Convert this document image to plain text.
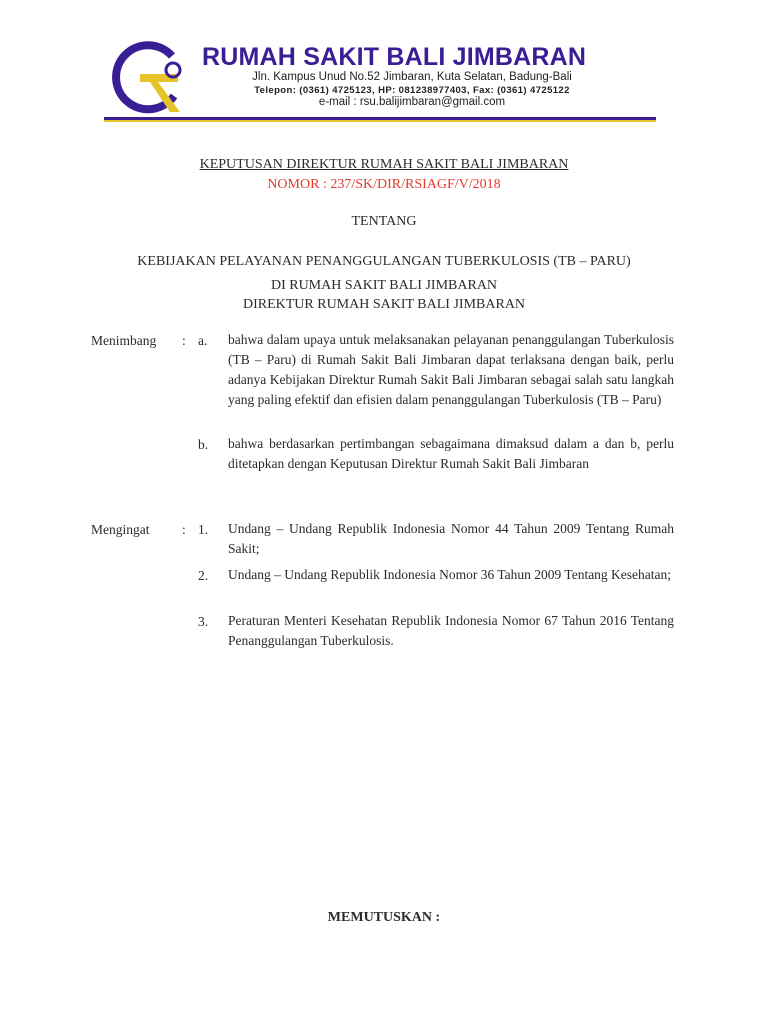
RUMAH SAKIT BALI JIMBARAN
Jln. Kampus Unud No.52 Jimbaran, Kuta Selatan, Badung-Bali
Telepon: (0361) 4725123, HP: 081238977403, Fax: (0361) 4725122
e-mail : rsu.balijimbaran@gmail.com
KEPUTUSAN DIREKTUR RUMAH SAKIT BALI JIMBARAN
NOMOR : 237/SK/DIR/RSIAGF/V/2018
TENTANG
KEBIJAKAN PELAYANAN PENANGGULANGAN TUBERKULOSIS (TB – PARU)
DI RUMAH SAKIT BALI JIMBARAN
DIREKTUR RUMAH SAKIT BALI JIMBARAN
Menimbang : a. bahwa dalam upaya untuk melaksanakan pelayanan penanggulangan Tuberkulosis (TB – Paru) di Rumah Sakit Bali Jimbaran dapat terlaksana dengan baik, perlu adanya Kebijakan Direktur Rumah Sakit Bali Jimbaran sebagai salah satu langkah yang paling efektif dan efisien dalam penanggulangan Tuberkulosis (TB – Paru)
b. bahwa berdasarkan pertimbangan sebagaimana dimaksud dalam a dan b, perlu ditetapkan dengan Keputusan Direktur Rumah Sakit Bali Jimbaran
Mengingat : 1. Undang – Undang Republik Indonesia Nomor 44 Tahun 2009 Tentang Rumah Sakit;
2. Undang – Undang Republik Indonesia Nomor 36 Tahun 2009 Tentang Kesehatan;
3. Peraturan Menteri Kesehatan Republik Indonesia Nomor 67 Tahun 2016 Tentang Penanggulangan Tuberkulosis.
MEMUTUSKAN :
